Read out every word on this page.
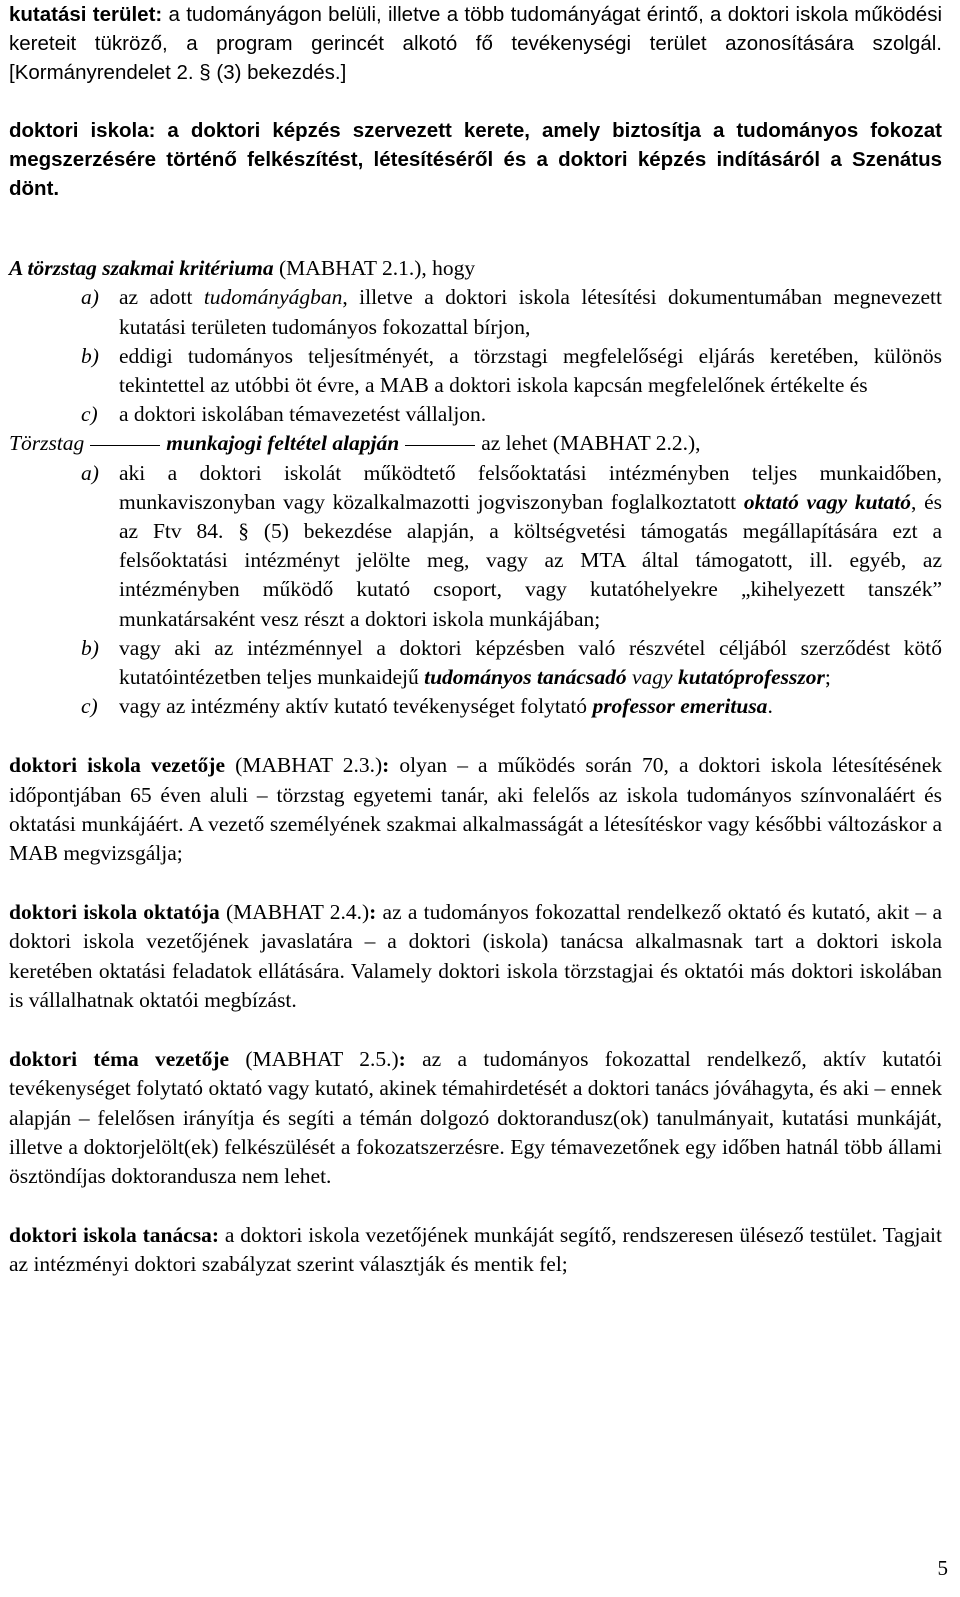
kutatási terület: a tudományágon belüli, illetve a több tudományágat érintő, a doktori iskola működési kereteit tükröző, a program gerincét alkotó fő tevékenységi terület azonosítására szolgál. [Kormányrendelet 2. § (3) bekezdés.]

doktori iskola: a doktori képzés szervezett kerete, amely biztosítja a tudományos fokozat megszerzésére történő felkészítést, létesítéséről és a doktori képzés indításáról a Szenátus dönt.

A törzstag szakmai kritériuma (MABHAT 2.1.), hogy

a) az adott tudományágban, illetve a doktori iskola létesítési dokumentumában megnevezett kutatási területen tudományos fokozattal bírjon,
b) eddigi tudományos teljesítményét, a törzstagi megfelelőségi eljárás keretében, különös tekintettel az utóbbi öt évre, a MAB a doktori iskola kapcsán megfelelőnek értékelte és
c) a doktori iskolában témavezetést vállaljon.

Törzstag	munkajogi feltétel alapján	az lehet (MABHAT 2.2.),

a) aki a doktori iskolát működtető felsőoktatási intézményben teljes munkaidőben, munkaviszonyban vagy közalkalmazotti jogviszonyban foglalkoztatott oktató vagy kutató, és az Ftv 84. § (5) bekezdése alapján, a költségvetési támogatás megállapítására ezt a felsőoktatási intézményt jelölte meg, vagy az MTA által támogatott, ill. egyéb, az intézményben működő kutató csoport, vagy kutatóhelyekre „kihelyezett tanszék” munkatársaként vesz részt a doktori iskola munkájában;
b) vagy aki az intézménnyel a doktori képzésben való részvétel céljából szerződést kötő kutatóintézetben teljes munkaidejű tudományos tanácsadó vagy kutatóprofesszor;
c) vagy az intézmény aktív kutató tevékenységet folytató professor emeritusa.

doktori iskola vezetője (MABHAT 2.3.): olyan – a működés során 70, a doktori iskola létesítésének időpontjában 65 éven aluli – törzstag egyetemi tanár, aki felelős az iskola tudományos színvonaláért és oktatási munkájáért. A vezető személyének szakmai alkalmasságát a létesítéskor vagy későbbi változáskor a MAB megvizsgálja;

doktori iskola oktatója (MABHAT 2.4.): az a tudományos fokozattal rendelkező oktató és kutató, akit – a doktori iskola vezetőjének javaslatára – a doktori (iskola) tanácsa alkalmasnak tart a doktori iskola keretében oktatási feladatok ellátására. Valamely doktori iskola törzstagjai és oktatói más doktori iskolában is vállalhatnak oktatói megbízást.

doktori téma vezetője (MABHAT 2.5.): az a tudományos fokozattal rendelkező, aktív kutatói tevékenységet folytató oktató vagy kutató, akinek témahirdetését a doktori tanács jóváhagyta, és aki – ennek alapján – felelősen irányítja és segíti a témán dolgozó doktorandusz(ok) tanulmányait, kutatási munkáját, illetve a doktorjelölt(ek) felkészülését a fokozatszerzésre. Egy témavezetőnek egy időben hatnál több állami ösztöndíjas doktorandusza nem lehet.

doktori iskola tanácsa: a doktori iskola vezetőjének munkáját segítő, rendszeresen ülésező testület. Tagjait az intézményi doktori szabályzat szerint választják és mentik fel;

5
